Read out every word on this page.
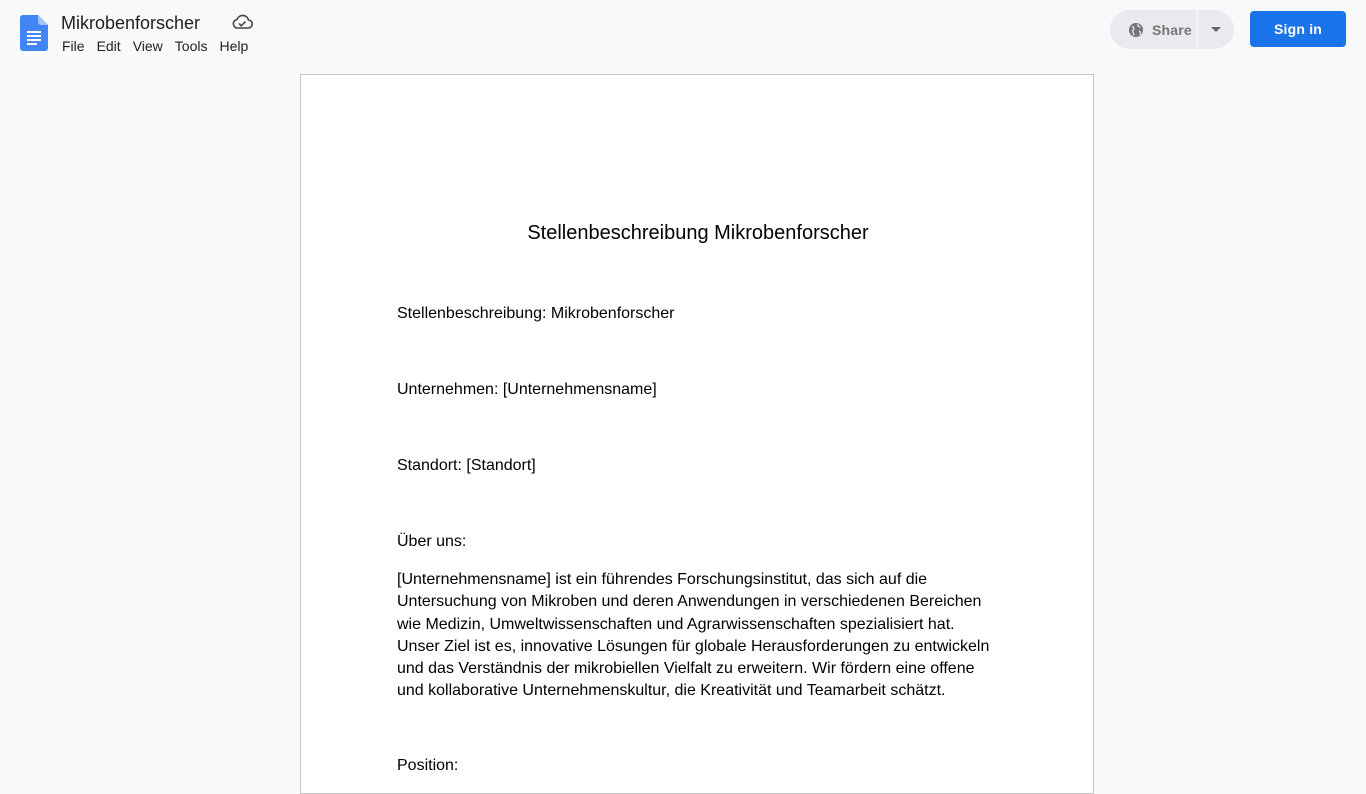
Mikrobenforscher
File Edit View Tools Help
Share	Sign in
Stellenbeschreibung Mikrobenforscher
Stellenbeschreibung: Mikrobenforscher
Unternehmen: [Unternehmensname]
Standort: [Standort]
Über uns:
[Unternehmensname] ist ein führendes Forschungsinstitut, das sich auf die Untersuchung von Mikroben und deren Anwendungen in verschiedenen Bereichen wie Medizin, Umweltwissenschaften und Agrarwissenschaften spezialisiert hat. Unser Ziel ist es, innovative Lösungen für globale Herausforderungen zu entwickeln und das Verständnis der mikrobiellen Vielfalt zu erweitern. Wir fördern eine offene und kollaborative Unternehmenskultur, die Kreativität und Teamarbeit schätzt.
Position:
